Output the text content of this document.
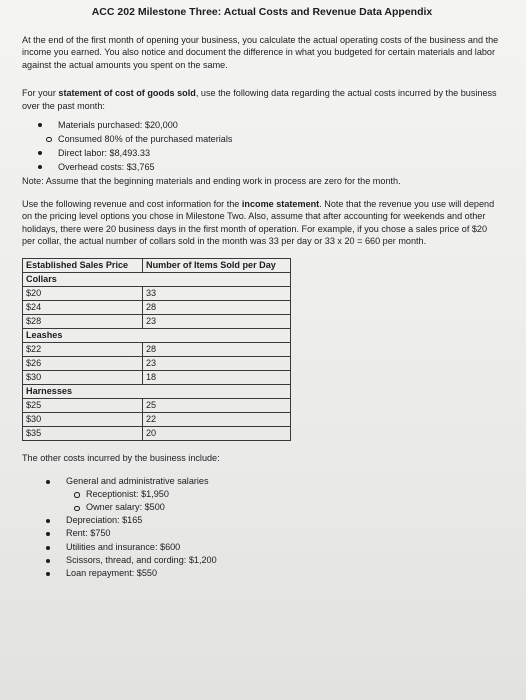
ACC 202 Milestone Three: Actual Costs and Revenue Data Appendix

At the end of the first month of opening your business, you calculate the actual operating costs of the business and the income you earned. You also notice and document the difference in what you budgeted for certain materials and labor against the actual amounts you spent on the same.

For your statement of cost of goods sold, use the following data regarding the actual costs incurred by the business over the past month:

Materials purchased: $20,000
Consumed 80% of the purchased materials
Direct labor: $8,493.33
Overhead costs: $3,765
Note: Assume that the beginning materials and ending work in process are zero for the month.

Use the following revenue and cost information for the income statement. Note that the revenue you use will depend on the pricing level options you chose in Milestone Two. Also, assume that after accounting for weekends and other holidays, there were 20 business days in the first month of operation. For example, if you chose a sales price of $20 per collar, the actual number of collars sold in the month was 33 per day or 33 x 20 = 660 per month.

Established Sales Price	Number of Items Sold per Day
Collars	
$20	33
$24	28
$28	23
Leashes	
$22	28
$26	23
$30	18
Harnesses	
$25	25
$30	22
$35	20
The other costs incurred by the business include:
General and administrative salaries
Receptionist: $1,950
Owner salary: $500
Depreciation: $165
Rent: $750
Utilities and insurance: $600
Scissors, thread, and cording: $1,200
Loan repayment: $550
